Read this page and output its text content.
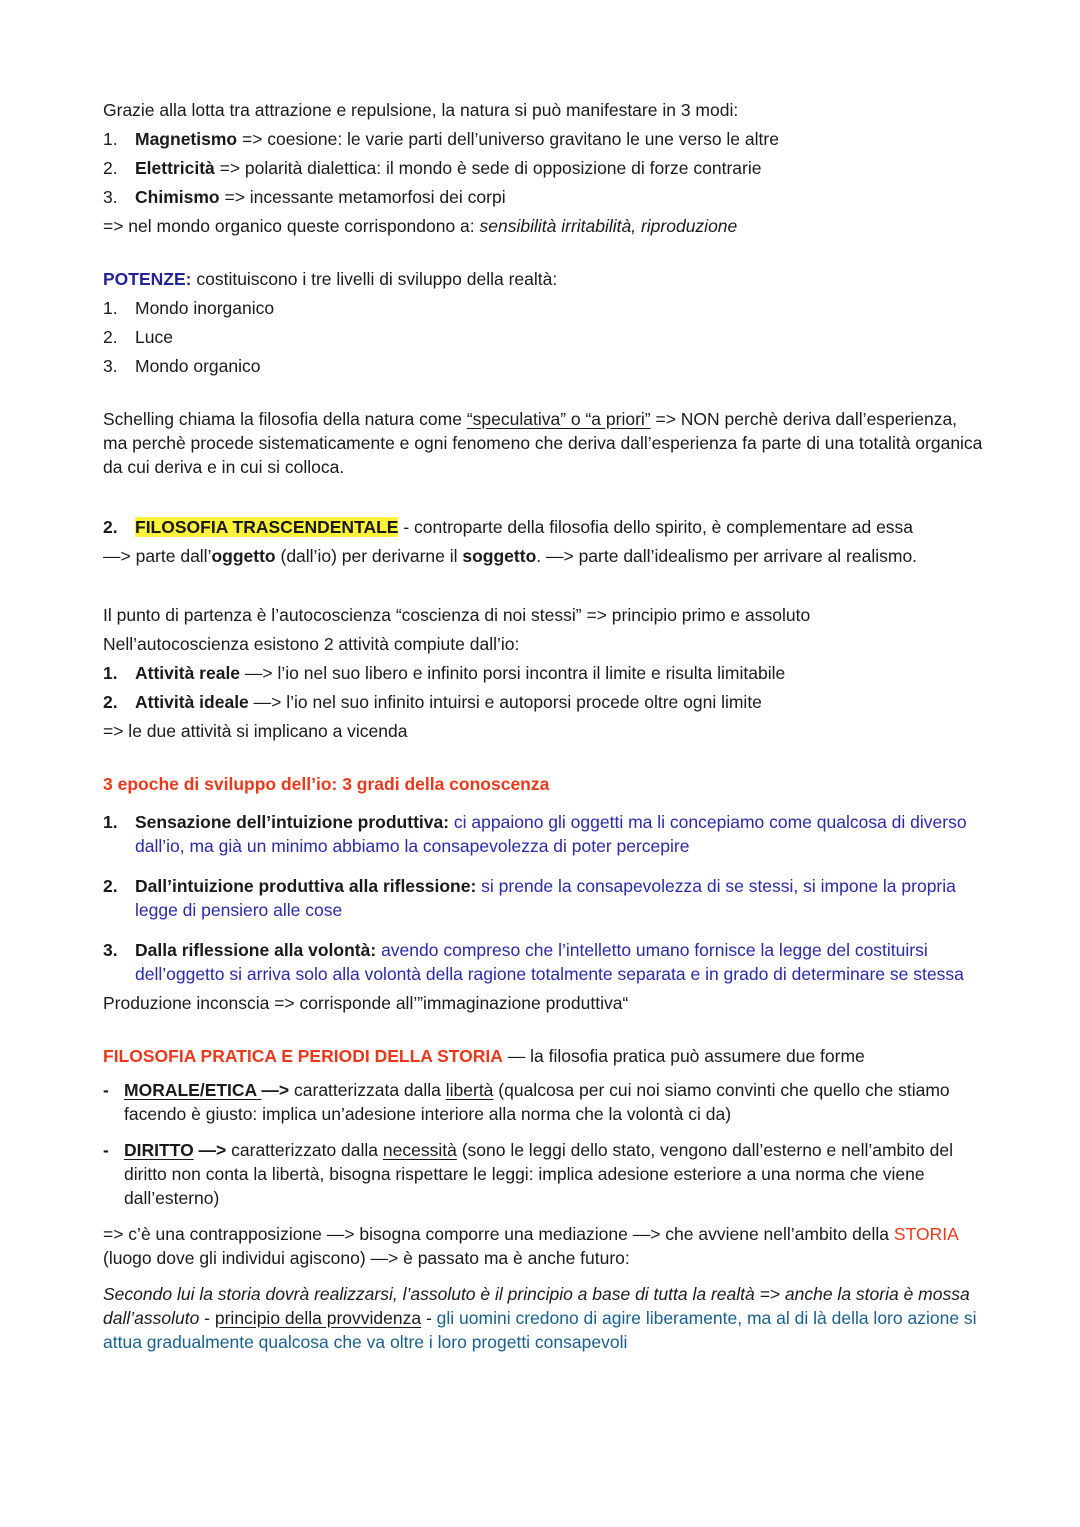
Grazie alla lotta tra attrazione e repulsione, la natura si può manifestare in 3 modi:
1. Magnetismo => coesione: le varie parti dell’universo gravitano le une verso le altre
2. Elettricità => polarità dialettica: il mondo è sede di opposizione di forze contrarie
3. Chimismo => incessante metamorfosi dei corpi
=> nel mondo organico queste corrispondono a: sensibilità irritabilità, riproduzione
POTENZE: costituiscono i tre livelli di sviluppo della realtà:
1. Mondo inorganico
2. Luce
3. Mondo organico
Schelling chiama la filosofia della natura come “speculativa” o “a priori” => NON perchè deriva dall’esperienza, ma perchè procede sistematicamente e ogni fenomeno che deriva dall’esperienza fa parte di una totalità organica da cui deriva e in cui si colloca.
2. FILOSOFIA TRASCENDENTALE - controparte della filosofia dello spirito, è complementare ad essa
—> parte dall’oggetto (dall’io) per derivarne il soggetto. —> parte dall’idealismo per arrivare al realismo.
Il punto di partenza è l’autocoscienza “coscienza di noi stessi” => principio primo e assoluto
Nell’autocoscienza esistono 2 attività compiute dall’io:
1. Attività reale —> l’io nel suo libero e infinito porsi incontra il limite e risulta limitabile
2. Attività ideale —> l’io nel suo infinito intuirsi e autoporsi procede oltre ogni limite
=> le due attività si implicano a vicenda
3 epoche di sviluppo dell’io: 3 gradi della conoscenza
1. Sensazione dell’intuizione produttiva: ci appaiono gli oggetti ma li concepiamo come qualcosa di diverso dall’io, ma già un minimo abbiamo la consapevolezza di poter percepire
2. Dall’intuizione produttiva alla riflessione: si prende la consapevolezza di se stessi, si impone la propria legge di pensiero alle cose
3. Dalla riflessione alla volontà: avendo compreso che l’intelletto umano fornisce la legge del costituirsi dell’oggetto si arriva solo alla volontà della ragione totalmente separata e in grado di determinare se stessa
Produzione inconscia => corrisponde all’”immaginazione produttiva“
FILOSOFIA PRATICA E PERIODI DELLA STORIA — la filosofia pratica può assumere due forme
- MORALE/ETICA —> caratterizzata dalla libertà (qualcosa per cui noi siamo convinti che quello che stiamo facendo è giusto: implica un’adesione interiore alla norma che la volontà ci da)
- DIRITTO —> caratterizzato dalla necessità (sono le leggi dello stato, vengono dall’esterno e nell’ambito del diritto non conta la libertà, bisogna rispettare le leggi: implica adesione esteriore a una norma che viene dall’esterno)
=> c’è una contrapposizione —> bisogna comporre una mediazione —> che avviene nell’ambito della STORIA (luogo dove gli individui agiscono) —> è passato ma è anche futuro:
Secondo lui la storia dovrà realizzarsi, l’assoluto è il principio a base di tutta la realtà => anche la storia è mossa dall’assoluto - principio della provvidenza - gli uomini credono di agire liberamente, ma al di là della loro azione si attua gradualmente qualcosa che va oltre i loro progetti consapevoli
